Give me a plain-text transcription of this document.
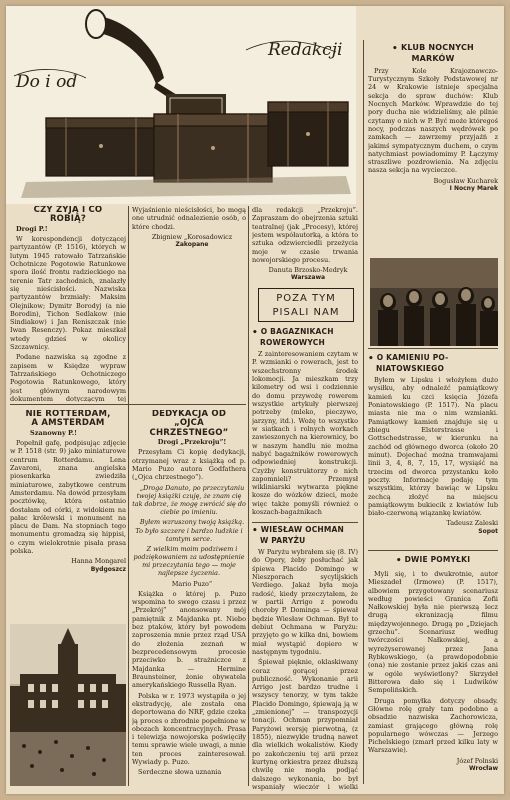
Do i od
Redakcji	• KLUB NOCNYCH
MARKÓW

Przy Kole Krajoznawczo-Turystycznym Szkoły Podstawowej nr 24 w Krakowie istnieje specjalna sekcja do spraw duchów: Klub Nocnych Marków. Wprawdzie do tej pory ducha nie widzieliśmy, ale pilnie czytamy o nich w P. Być może któregoś nocy, podczas naszych wędrówek po zamkach — zawrzemy przyjaźń z jakimś sympatycznym duchem, o czym natychmiast powiadomimy P. Łączymy straszliwe pozdrowienia. Na zdjęciu nasza sekcja na wycieczce.

Bogusław Kucharek
I Nocny Marek

• O KAMIENIU PO-
NIATOWSKIEGO

Byłem w Lipsku i włożyłem dużo wysiłku, aby odnaleźć pamiątkowy kamień ku czci księcia Józefa Poniatowskiego (P. 1517). Na placu miasta nie ma o nim wzmianki. Pamiątkowy kamień znajduje się u zbiegu Elsterstrasse i Gottschedstrasse, w kierunku na zachód od głównego dworca (około 20 minut). Dojechać można tramwajami linii 3, 4, 8, 7, 15, 17, wysiąść na trzecim od dworca przystanku koło poczty. Informacje podaję tym wszystkim, którzy bawiąc w Lipsku zechcą złożyć na miejscu pamiątkowym bukiecik z kwiatów lub biało-czerwoną wiązankę kwiatów.

Tadeusz Zaleski
Sopot

• DWIE POMYŁKI

Myli się, i to dwukrotnie, autor Mieszadeł (Irmowe) (P. 1517), albowiem przygotowany scenariusz według powieści Granica Zofii Nałkowskiej była nie pierwszą lecz drugą ekranizacją filmu międzywojennego. Drugą po „Dziejach grzechu”. Scenariusz według twórczości Nałkowskiej, a wyreżyserowanej przez Jana Rybkowskiego, (a prawdopodobnie (ona) nie zostanie przez jakiś czas ani w ogóle wyświetlony? Skrzydeł Bitterowa dało się i Ludwików Sempolińskich.

Druga pomyłka dotyczy obsady. Główne rolę grały tam podobno a obsadzie nazwiska Zachorowicza, zamiast grającego główną rolę popularnego wówczas — Jerzego Pichelskiego (zmarł przed kilku laty w Warszawie).

Józef Polnski
Wrocław

CZY ŻYJĄ I CO
ROBIĄ?

Drogi P.!

W korespondencji dotyczącej partyzantów (P. 1516), których w lutym 1945 ratowało Tatrzańskie Ochotnicze Pogotowie Ratunkowe spora ilość frontu radzieckiego na terenie Tatr zachodnich, znalazły się nieścisłości. Nazwiska partyzantów brzmiały: Maksim Olejnikow; Dymitr Borodyj (a nie Borodin), Tichon Sedlakow (nie Sindiakow) i Jan Reniszczak (nie Iwan Resenczy). Pokaz mieszkał wtedy gdzieś w okolicy Szczawnicy.

Podane nazwiska są zgodne z zapisem w Księdze wypraw Tatrzańskiego Ochotniczego Pogotowia Ratunkowego, który jest głównym narodowym dokumentem dotyczącym tej

Wyjaśnienie nieścisłości, bo mogą one utrudnić odnalezienie osób, o które chodzi.

Zbigniew „Korosadowicz
Zakopane

dla redakcji „Przekroju”. Zapraszam do obejrzenia sztuki teatralnej (jak „Procesy), której jestem współautorką, a która to sztuka odzwierciedli przeżycia moje w czasie trwania nowojorskiego procesu.

Danuta Brzosko-Medryk
Warszawa

POZA TYM
PISALI NAM
• O BAGAŻNIKACH
ROWEROWYCH

Z zainteresowaniem czytam w P. wzmianki o rowerach, jest to wszechstronny środek lokomocji. Ja mieszkam trzy kilometry od wsi i codziennie do domu przywożę rowerem wszystkie artykuły pierwszej potrzeby (mleko, pieczywo, jarzyny, itd.). Wożę to wszystko w siatkach i rolnych workach zawieszonych na kierownicy, bo w naszym handlu nie można nabyć bagażników rowerowych odpowiedniej konstrukcji. Czyżby konstruktorzy o nich zapomnieli? Przemysł wikliniarski wytwarza piękne kosze do wózków dzieci, może więc także pomyśli również o koszach-bagażnikach

• WIESŁAW OCHMAN
W PARYŻU

W Paryżu wybrałem się (8. IV) do Opery, żeby posłuchać jak śpiewa Placido Domingo w Nieszporach sycylijskich Verdiego. Jakaż była moja radość, kiedy przeczytałem, że w partii Arrigo z powodu choroby P. Dominga — śpiewał będzie Wiesław Ochman. Był to debiut Ochmana w Paryżu: przyjęto go w kilka dni, bowiem miał wystąpić dopiero w następnym tygodniu.

Śpiewał pięknie, oklaskiwany coraz gorącej przez publiczność. Wykonanie arii Arrigo jest bardzo trudne i wszyscy tenorzy, w tym także Placido Domingo, śpiewają ją w „zmienionej” — transpozycji tonacji. Ochman przypomniał Paryżowi wersję pierwotną, (z 1855), niezwykle trudną nawet dla wielkich wokalistów. Kiedy po zakończeniu tej arii przez kurtynę orkiestra przez dłuższą chwilę nie mogła podjąć dalszego wykonania, bo był wspaniały wieczór i wielki

NIE ROTTERDAM,
A AMSTERDAM

Szanowny P.!

Popełnił gafę, podpisując zdjęcie w P. 1518 (str. 9) jako miniaturowe centrum Rotterdamu. Lena Zavaroni, znana angielska piosenkarka zwiedziła miniaturowe, zabytkowe centrum Amsterdamu. Na dowód przesyłam pocztówkę, która ostatnio dostałam od córki, z widokiem na pałac królewski i monument na placu de Dam. Na stopniach tego monumentu gromadzą się hippisi, o czym wielokrotnie pisała prasa polska.

Hanna Mongarel
Bydgoszcz

DEDYKACJA OD
„OJCA
CHRZESTNEGO”

Drogi „Przekroju”!

Przesyłam Ci kopię dedykacji, otrzymanej wraz z książką od p. Mario Puzo autora Godfathera („Ojca chrzestnego”).

„Droga Danuto, po przeczytaniu twojej książki czuję, że znam cię tak dobrze, że mogę zwrócić się do ciebie po imieniu.

Byłem wzruszony twoją książką. To było szczere i bardzo ludzkie i tamtym serce.

Z wielkim moim podziwem i podziękowaniem za udostępnienie mi przeczytania tego — moje najlepsze życzenia.

Mario Puzo”

Książka o której p. Puzo wspomina to swego czasu i przez „Przekrój” anonsowany mój pamiętnik z Majdanka pt. Niebo bez ptaków, który był powodem zaproszenia mnie przez rząd USA do złożenia zeznań w bezprecedensowym procesie przeciwko b. strażniczce z Majdanka — Hermine Braunsteiner, żonie obywatela amerykańskiego Russella Ryan.

Polska w r. 1973 wystąpiła o jej ekstradycję, ale została ona deportowana do NRF, gdzie czeka ją proces o zbrodnie popełnione w obozach koncentracyjnych. Prasa i telewizja nowojorska poświęciły temu sprawie wiele uwagi, a mnie ten proces zainteresował. Wywiady p. Puzo.

Serdeczne słowa uznania
